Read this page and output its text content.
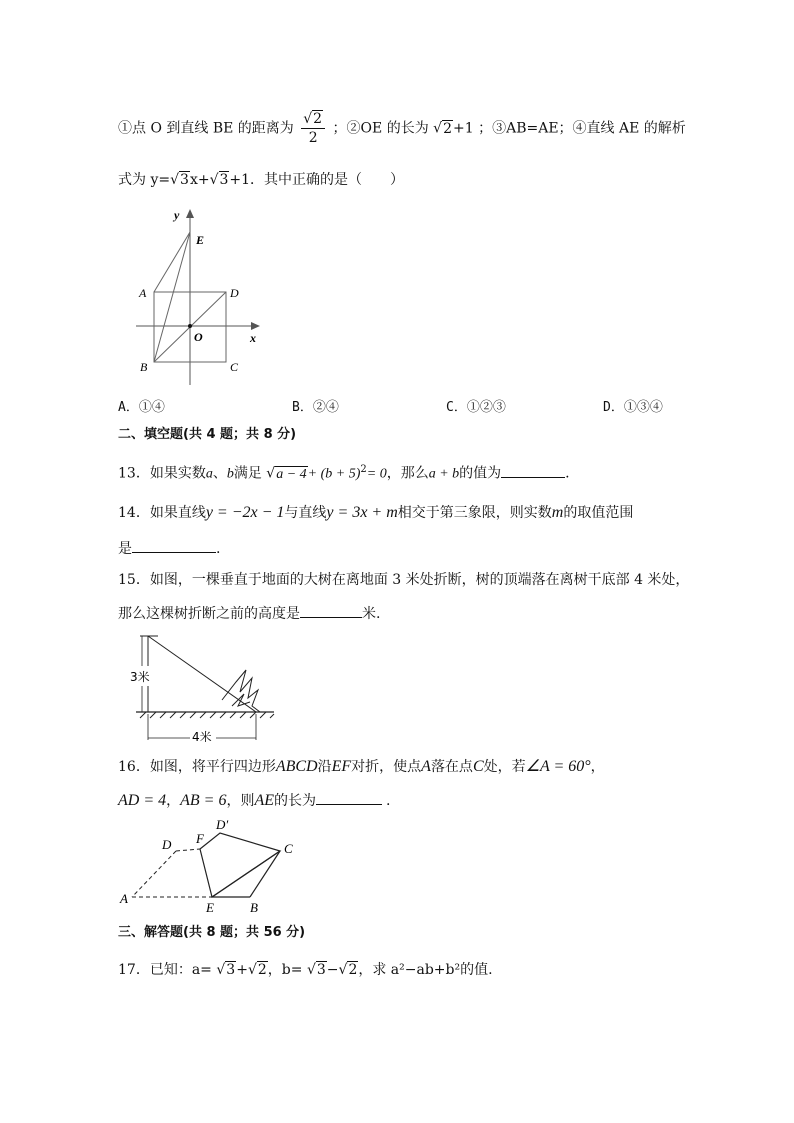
①点 O 到直线 BE 的距离为 $\frac{√2}{2}$ ；②OE 的长为 √2+1 ；③AB=AE；④直线 AE 的解析
式为 y=√3x+√3+1．其中正确的是（　　）
y
E
A	D
O	x
B	C
A．①④	B．②④	C．①②③	D．①③④
二、填空题(共 4 题；共 8 分)
13．如果实数a、b满足 $√a - 4+ (b + 5)^2= 0$，那么a + b的值为	.
14．如果直线y = −2x − 1与直线y = 3x + m相交于第三象限，则实数m的取值范围
是	.
15．如图，一棵垂直于地面的大树在离地面 3 米处折断，树的顶端落在离树干底部 4 米处，
那么这棵树折断之前的高度是	米.
3米
4米
16．如图，将平行四边形ABCD沿EF对折，使点A落在点C处，若∠A = 60°，
AD = 4，AB = 6，则AE的长为	.
D
D′
F
C
A
E	B
三、解答题(共 8 题；共 56 分)
17．已知：a= √3+√2，b= √3−√2，求 a²−ab+b²的值.
